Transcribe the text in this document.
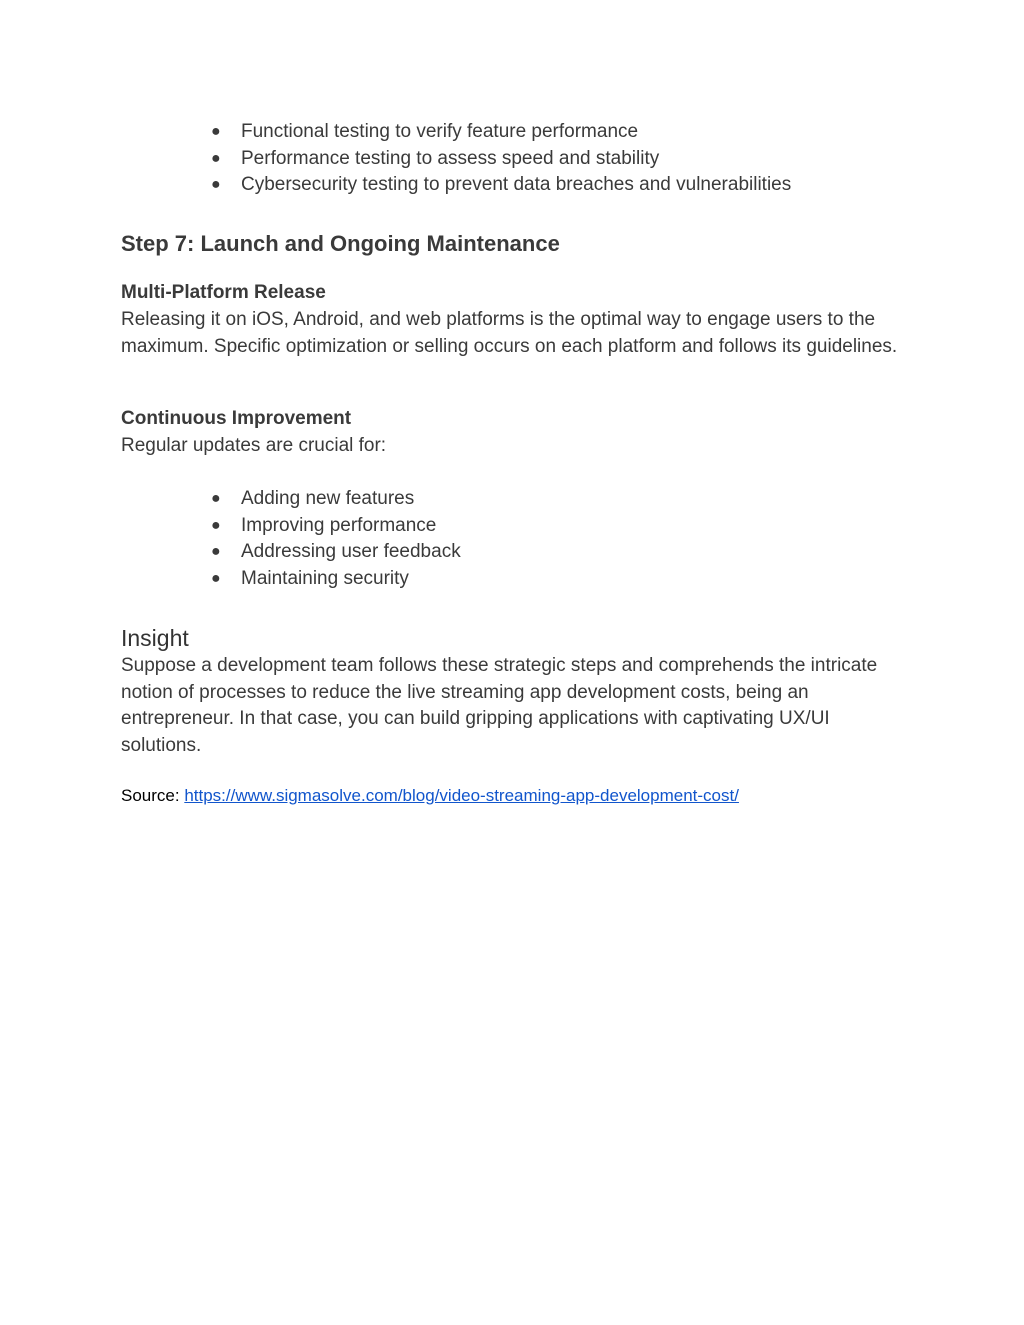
● Functional testing to verify feature performance
● Performance testing to assess speed and stability
● Cybersecurity testing to prevent data breaches and vulnerabilities
Step 7: Launch and Ongoing Maintenance
Multi-Platform Release

Releasing it on iOS, Android, and web platforms is the optimal way to engage users to the maximum. Specific optimization or selling occurs on each platform and follows its guidelines.

Continuous Improvement

Regular updates are crucial for:

● Adding new features
● Improving performance
● Addressing user feedback
● Maintaining security
Insight

Suppose a development team follows these strategic steps and comprehends the intricate notion of processes to reduce the live streaming app development costs, being an entrepreneur. In that case, you can build gripping applications with captivating UX/UI solutions.

Source: https://www.sigmasolve.com/blog/video-streaming-app-development-cost/
